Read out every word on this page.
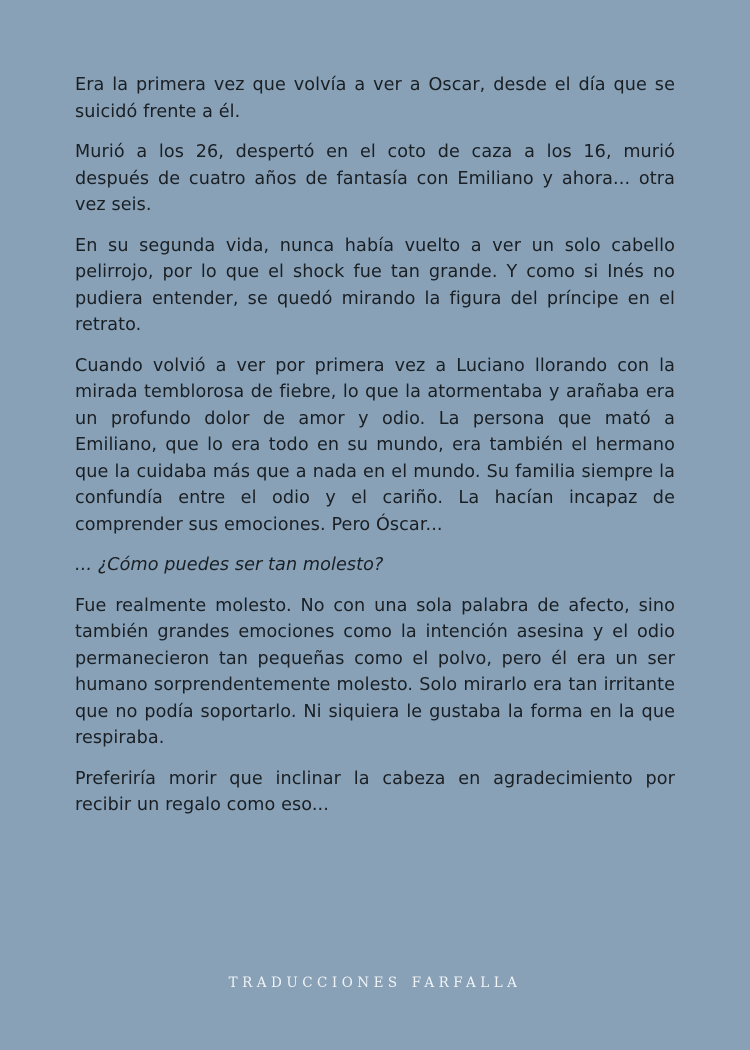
Era la primera vez que volvía a ver a Oscar, desde el día que se suicidó frente a él.

Murió a los 26, despertó en el coto de caza a los 16, murió después de cuatro años de fantasía con Emiliano y ahora... otra vez seis.

En su segunda vida, nunca había vuelto a ver un solo cabello pelirrojo, por lo que el shock fue tan grande. Y como si Inés no pudiera entender, se quedó mirando la figura del príncipe en el retrato.

Cuando volvió a ver por primera vez a Luciano llorando con la mirada temblorosa de fiebre, lo que la atormentaba y arañaba era un profundo dolor de amor y odio. La persona que mató a Emiliano, que lo era todo en su mundo, era también el hermano que la cuidaba más que a nada en el mundo. Su familia siempre la confundía entre el odio y el cariño. La hacían incapaz de comprender sus emociones. Pero Óscar...

... ¿Cómo puedes ser tan molesto?

Fue realmente molesto. No con una sola palabra de afecto, sino también grandes emociones como la intención asesina y el odio permanecieron tan pequeñas como el polvo, pero él era un ser humano sorprendentemente molesto. Solo mirarlo era tan irritante que no podía soportarlo. Ni siquiera le gustaba la forma en la que respiraba.

Preferiría morir que inclinar la cabeza en agradecimiento por recibir un regalo como eso...

TRADUCCIONES FARFALLA
